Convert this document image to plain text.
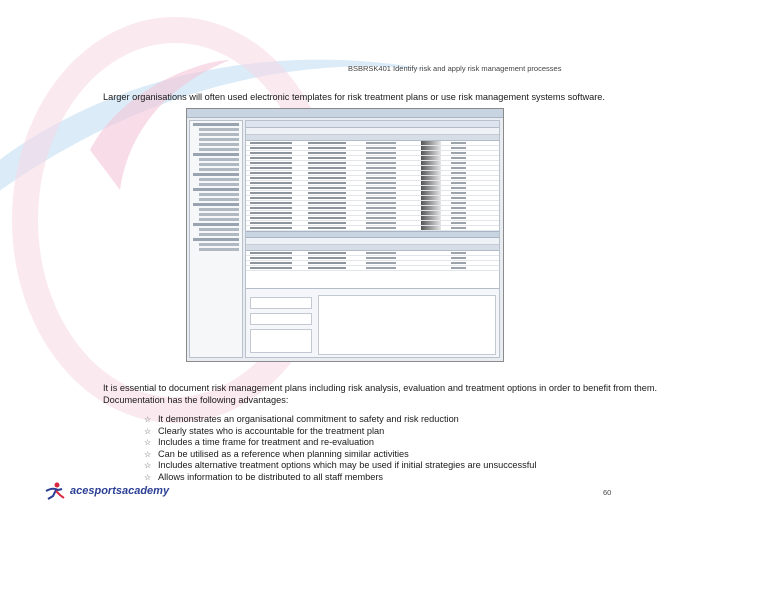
BSBRSK401 Identify risk and apply risk management processes
Larger organisations will often used electronic templates for risk treatment plans or use risk management systems software.
It is essential to document risk management plans including risk analysis, evaluation and treatment options in order to benefit from them. Documentation has the following advantages:
☆ It demonstrates an organisational commitment to safety and risk reduction
☆ Clearly states who is accountable for the treatment plan
☆ Includes a time frame for treatment and re-evaluation
☆ Can be utilised as a reference when planning similar activities
☆ Includes alternative treatment options which may be used if initial strategies are unsuccessful
☆ Allows information to be distributed to all staff members
acesportsacademy	60
